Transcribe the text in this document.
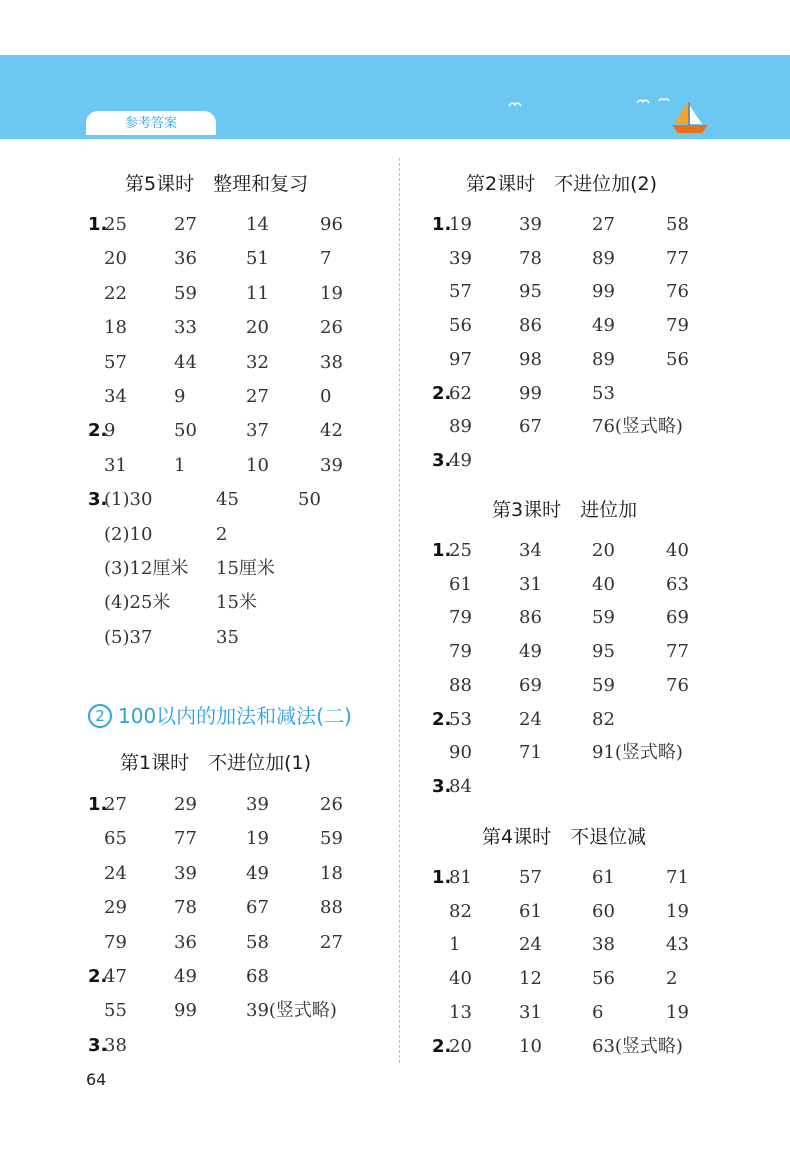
参考答案
第5课时　整理和复习
1.
25	27	14	96
20	36	51	7
22	59	11	19
18	33	20	26
57	44	32	38
34	9	27	0
2.
9	50	37	42
31	1	10	39
3.
(1)30	45	50
(2)10	2
(3)12厘米 15厘米
(4)25米	15米
(5)37	35
2 100以内的加法和减法(二)
第1课时　不进位加(1)
1.
27	29	39	26
65	77	19	59
24	39	49	18
29	78	67	88
79	36	58	27
2.
47	49	68
55	99	39(竖式略)
3.
38
第2课时　不进位加(2)
1.
19	39	27	58
39	78	89	77
57	95	99	76
56	86	49	79
97	98	89	56
2.
62	99	53
89	67	76(竖式略)
3.
49
第3课时　进位加
1.
25	34	20	40
61	31	40	63
79	86	59	69
79	49	95	77
88	69	59	76
2.
53	24	82
90	71	91(竖式略)
3.
84
第4课时　不退位减
1.
81	57	61	71
82	61	60	19
1	24	38	43
40	12	56	2
13	31	6	19
2.
20	10	63(竖式略)
64
